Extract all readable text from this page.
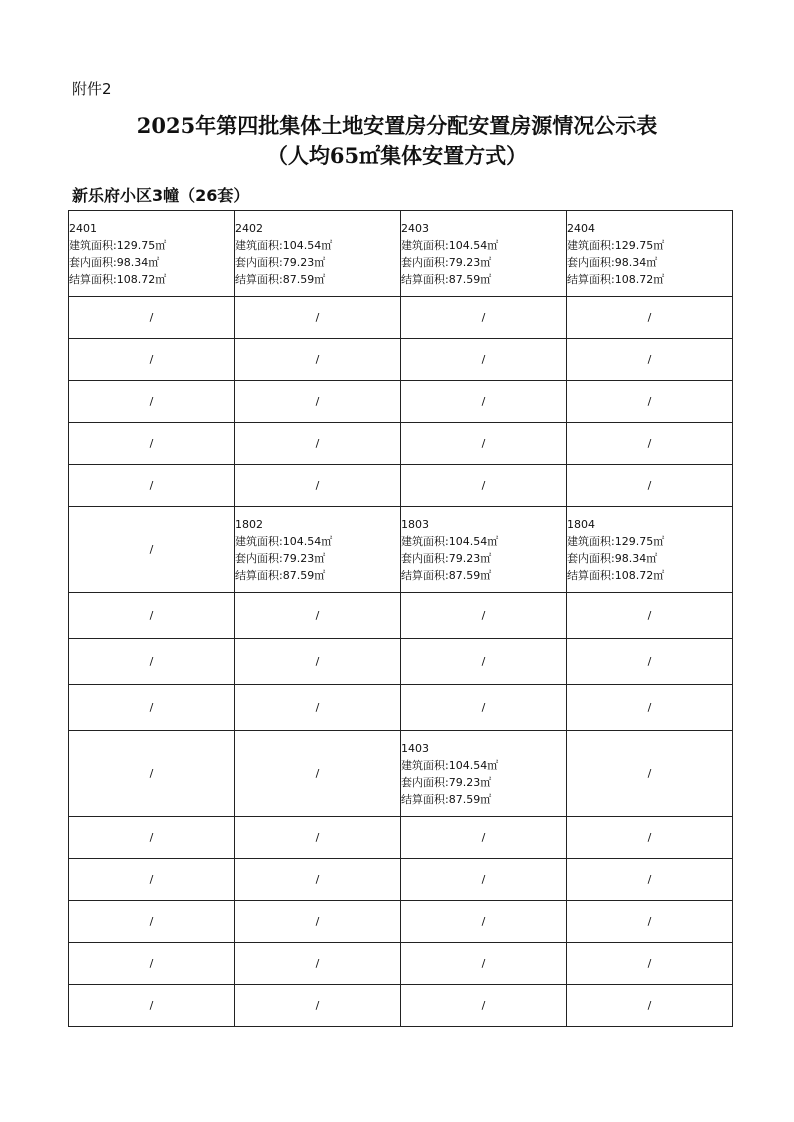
附件2
2025年第四批集体土地安置房分配安置房源情况公示表
（人均65㎡集体安置方式）
新乐府小区3幢（26套）
2401
建筑面积:129.75㎡
套内面积:98.34㎡
结算面积:108.72㎡	2402
建筑面积:104.54㎡
套内面积:79.23㎡
结算面积:87.59㎡	2403
建筑面积:104.54㎡
套内面积:79.23㎡
结算面积:87.59㎡	2404
建筑面积:129.75㎡
套内面积:98.34㎡
结算面积:108.72㎡

/	/	/	/
/	/	/	/
/	/	/	/
/	/	/	/
/	/	/	/
/	1802
建筑面积:104.54㎡
套内面积:79.23㎡
结算面积:87.59㎡	1803
建筑面积:104.54㎡
套内面积:79.23㎡
结算面积:87.59㎡	1804
建筑面积:129.75㎡
套内面积:98.34㎡
结算面积:108.72㎡

/	/	/	/
/	/	/	/
/	/	/	/
/	/	1403
建筑面积:104.54㎡
套内面积:79.23㎡
结算面积:87.59㎡	/
/	/	/	/
/	/	/	/
/	/	/	/
/	/	/	/
/	/	/	/
